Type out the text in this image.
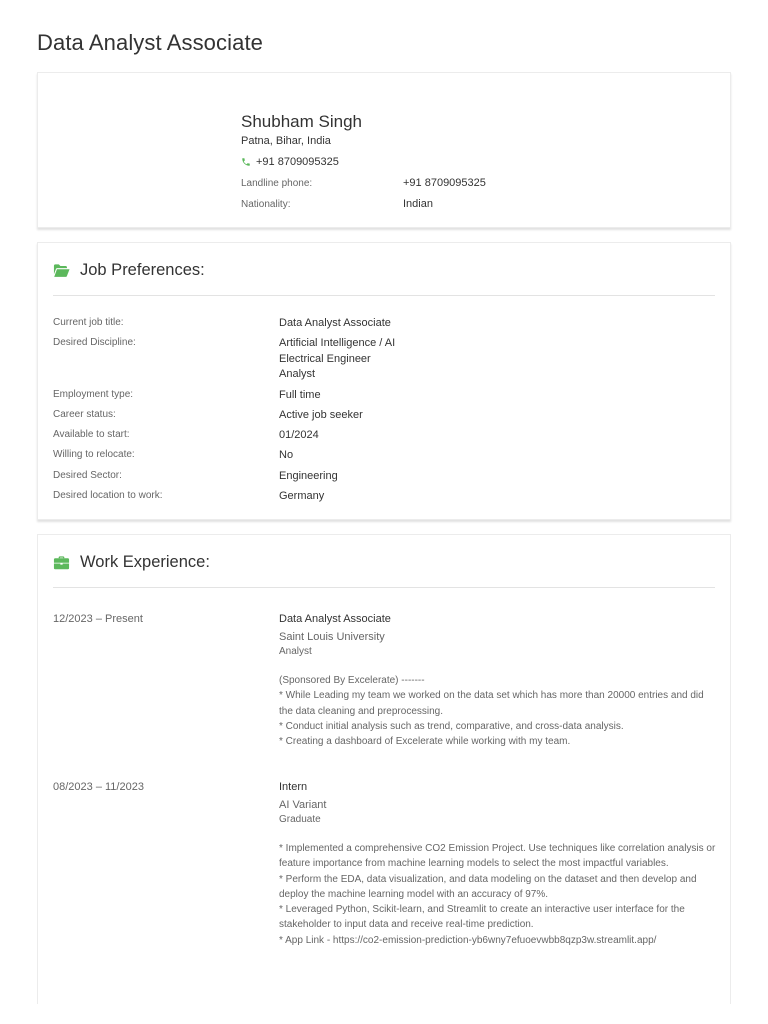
Data Analyst Associate
Shubham Singh
Patna, Bihar, India
+91 8709095325
Landline phone:	+91 8709095325
Nationality:	Indian
Job Preferences:
Current job title:	Data Analyst Associate
Desired Discipline:	Artificial Intelligence / AI
Electrical Engineer
Analyst
Employment type:	Full time
Career status:	Active job seeker
Available to start:	01/2024
Willing to relocate:	No
Desired Sector:	Engineering
Desired location to work:	Germany
Work Experience:
12/2023 – Present	Data Analyst Associate
Saint Louis University
Analyst
(Sponsored By Excelerate) -------
* While Leading my team we worked on the data set which has more than 20000 entries and did the data cleaning and preprocessing.
* Conduct initial analysis such as trend, comparative, and cross-data analysis.
* Creating a dashboard of Excelerate while working with my team.
08/2023 – 11/2023	Intern
AI Variant
Graduate
* Implemented a comprehensive CO2 Emission Project. Use techniques like correlation analysis or feature importance from machine learning models to select the most impactful variables.
* Perform the EDA, data visualization, and data modeling on the dataset and then develop and deploy the machine learning model with an accuracy of 97%.
* Leveraged Python, Scikit-learn, and Streamlit to create an interactive user interface for the stakeholder to input data and receive real-time prediction.
* App Link - https://co2-emission-prediction-yb6wny7efuoevwbb8qzp3w.streamlit.app/
